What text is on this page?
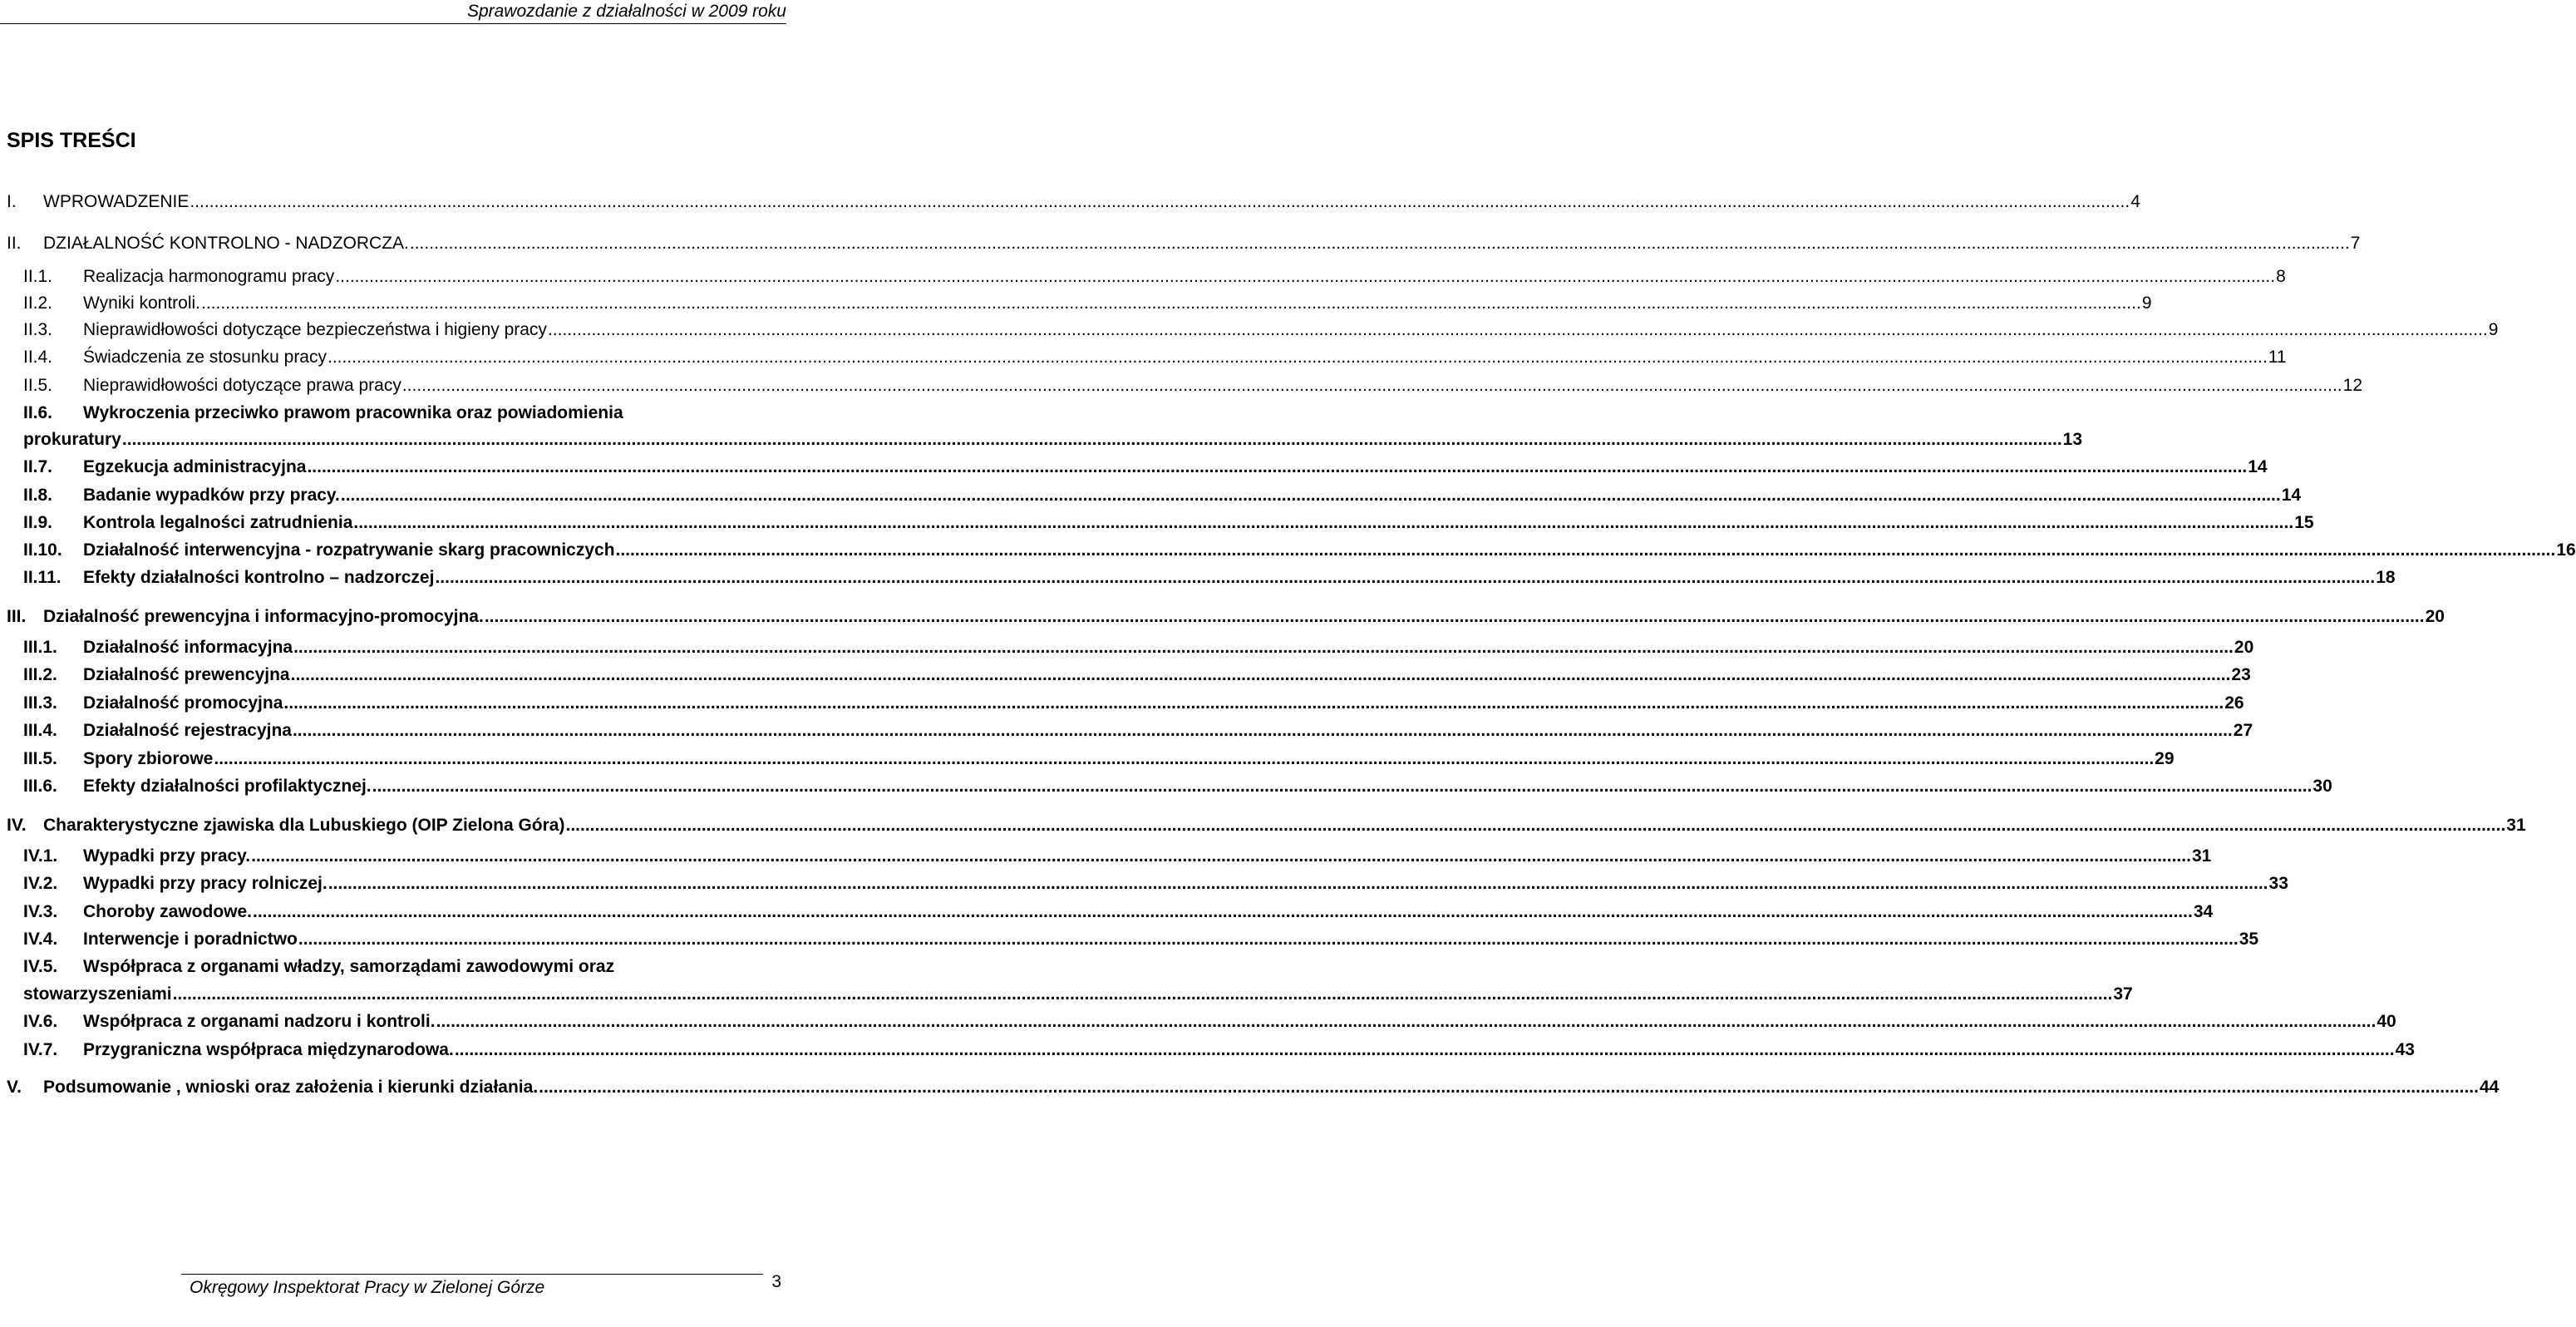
Sprawozdanie z działalności w 2009 roku
SPIS TREŚCI
I. WPROWADZENIE ................................................................................................................................................................................................................................................................................................................................................................................................................ 4
II. DZIAŁALNOŚĆ KONTROLNO - NADZORCZA. ................................................................................................................................................................................................................................................................................................................................................................................................................ 7
II.1. Realizacja harmonogramu pracy ................................................................................................................................................................................................................................................................................................................................................................................................................ 8
II.2. Wyniki kontroli. ................................................................................................................................................................................................................................................................................................................................................................................................................ 9
II.3. Nieprawidłowości dotyczące bezpieczeństwa i higieny pracy ................................................................................................................................................................................................................................................................................................................................................................................................................ 9
II.4. Świadczenia ze stosunku pracy ................................................................................................................................................................................................................................................................................................................................................................................................................ 11
II.5. Nieprawidłowości dotyczące prawa pracy ................................................................................................................................................................................................................................................................................................................................................................................................................ 12
II.6. Wykroczenia przeciwko prawom pracownika oraz powiadomienia
prokuratury ................................................................................................................................................................................................................................................................................................................................................................................................................ 13
II.7. Egzekucja administracyjna ................................................................................................................................................................................................................................................................................................................................................................................................................ 14
II.8. Badanie wypadków przy pracy. ................................................................................................................................................................................................................................................................................................................................................................................................................ 14
II.9. Kontrola legalności zatrudnienia ................................................................................................................................................................................................................................................................................................................................................................................................................ 15
II.10. Działalność interwencyjna - rozpatrywanie skarg pracowniczych ................................................................................................................................................................................................................................................................................................................................................................................................................ 16
II.11. Efekty działalności kontrolno – nadzorczej ................................................................................................................................................................................................................................................................................................................................................................................................................ 18
III. Działalność prewencyjna i informacyjno-promocyjna. ................................................................................................................................................................................................................................................................................................................................................................................................................ 20
III.1. Działalność informacyjna ................................................................................................................................................................................................................................................................................................................................................................................................................ 20
III.2. Działalność prewencyjna ................................................................................................................................................................................................................................................................................................................................................................................................................ 23
III.3. Działalność promocyjna ................................................................................................................................................................................................................................................................................................................................................................................................................ 26
III.4. Działalność rejestracyjna ................................................................................................................................................................................................................................................................................................................................................................................................................ 27
III.5. Spory zbiorowe ................................................................................................................................................................................................................................................................................................................................................................................................................ 29
III.6. Efekty działalności profilaktycznej. ................................................................................................................................................................................................................................................................................................................................................................................................................ 30
IV. Charakterystyczne zjawiska dla Lubuskiego (OIP Zielona Góra) ................................................................................................................................................................................................................................................................................................................................................................................................................ 31
IV.1. Wypadki przy pracy. ................................................................................................................................................................................................................................................................................................................................................................................................................ 31
IV.2. Wypadki przy pracy rolniczej. ................................................................................................................................................................................................................................................................................................................................................................................................................ 33
IV.3. Choroby zawodowe. ................................................................................................................................................................................................................................................................................................................................................................................................................ 34
IV.4. Interwencje i poradnictwo ................................................................................................................................................................................................................................................................................................................................................................................................................ 35
IV.5. Współpraca z organami władzy, samorządami zawodowymi oraz
stowarzyszeniami ................................................................................................................................................................................................................................................................................................................................................................................................................ 37
IV.6. Współpraca z organami nadzoru i kontroli. ................................................................................................................................................................................................................................................................................................................................................................................................................ 40
IV.7. Przygraniczna współpraca międzynarodowa. ................................................................................................................................................................................................................................................................................................................................................................................................................ 43
V. Podsumowanie , wnioski oraz założenia i kierunki działania. ................................................................................................................................................................................................................................................................................................................................................................................................................ 44
Okręgowy Inspektorat Pracy w Zielonej Górze	3
